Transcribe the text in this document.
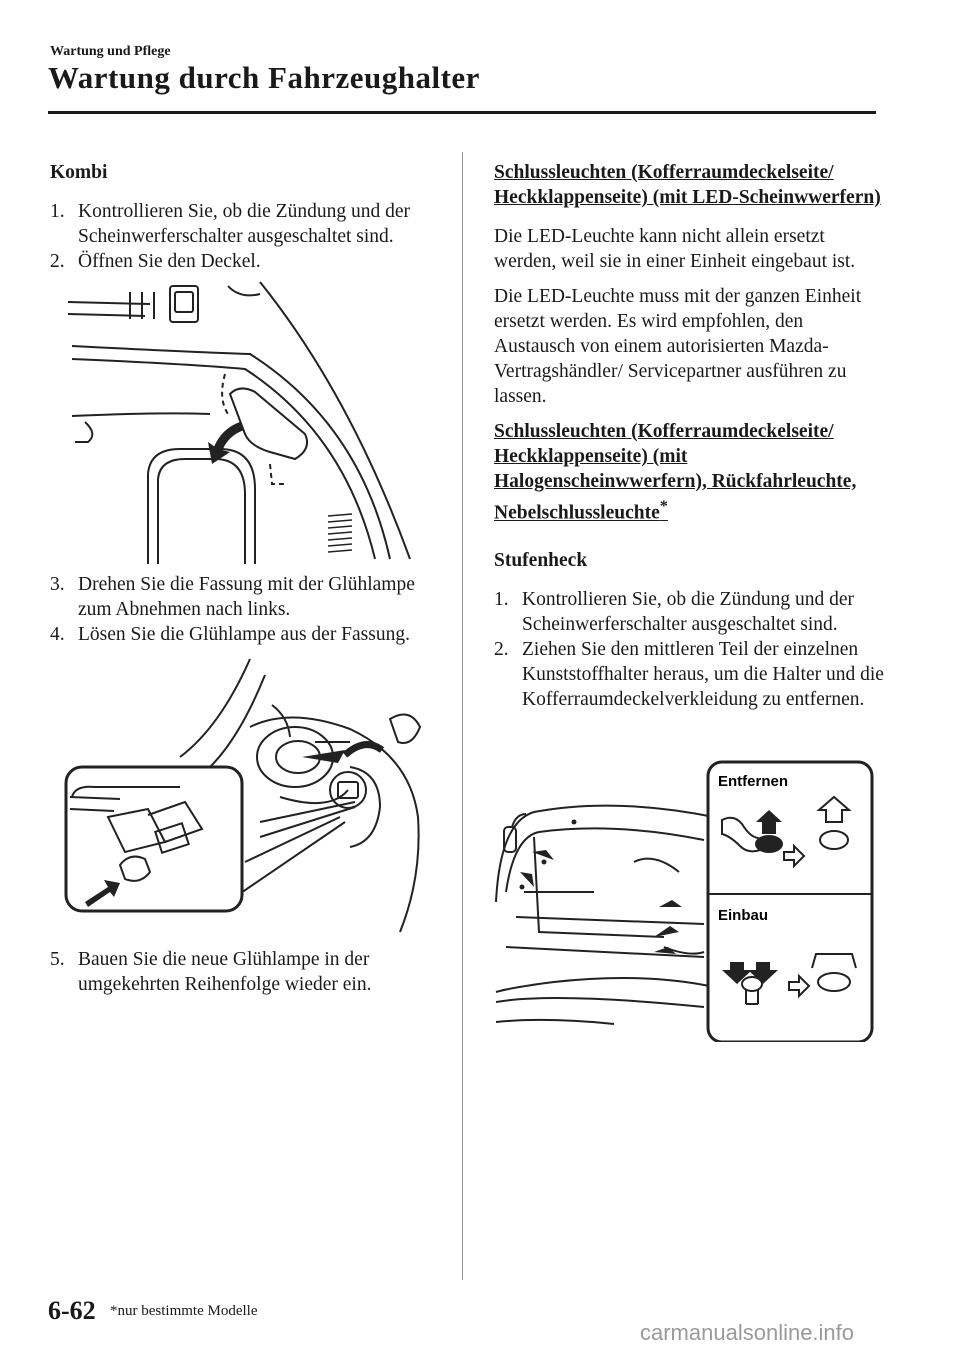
Wartung und Pflege
Wartung durch Fahrzeughalter
Kombi
1. Kontrollieren Sie, ob die Zündung und der Scheinwerferschalter ausgeschaltet sind.
2. Öffnen Sie den Deckel.
3. Drehen Sie die Fassung mit der Glühlampe zum Abnehmen nach links.
4. Lösen Sie die Glühlampe aus der Fassung.
5. Bauen Sie die neue Glühlampe in der umgekehrten Reihenfolge wieder ein.
Schlussleuchten (Kofferraumdeckelseite/ Heckklappenseite) (mit LED-Scheinwwerfern)
Die LED-Leuchte kann nicht allein ersetzt werden, weil sie in einer Einheit eingebaut ist.
Die LED-Leuchte muss mit der ganzen Einheit ersetzt werden. Es wird empfohlen, den Austausch von einem autorisierten Mazda-Vertragshändler/ Servicepartner ausführen zu lassen.
Schlussleuchten (Kofferraumdeckelseite/ Heckklappenseite) (mit Halogenscheinwwerfern), Rückfahrleuchte, Nebelschlussleuchte*
Stufenheck
1. Kontrollieren Sie, ob die Zündung und der Scheinwerferschalter ausgeschaltet sind.
2. Ziehen Sie den mittleren Teil der einzelnen Kunststoffhalter heraus, um die Halter und die Kofferraumdeckelverkleidung zu entfernen.
Entfernen
Einbau
6-62 *nur bestimmte Modelle
carmanualsonline.info
